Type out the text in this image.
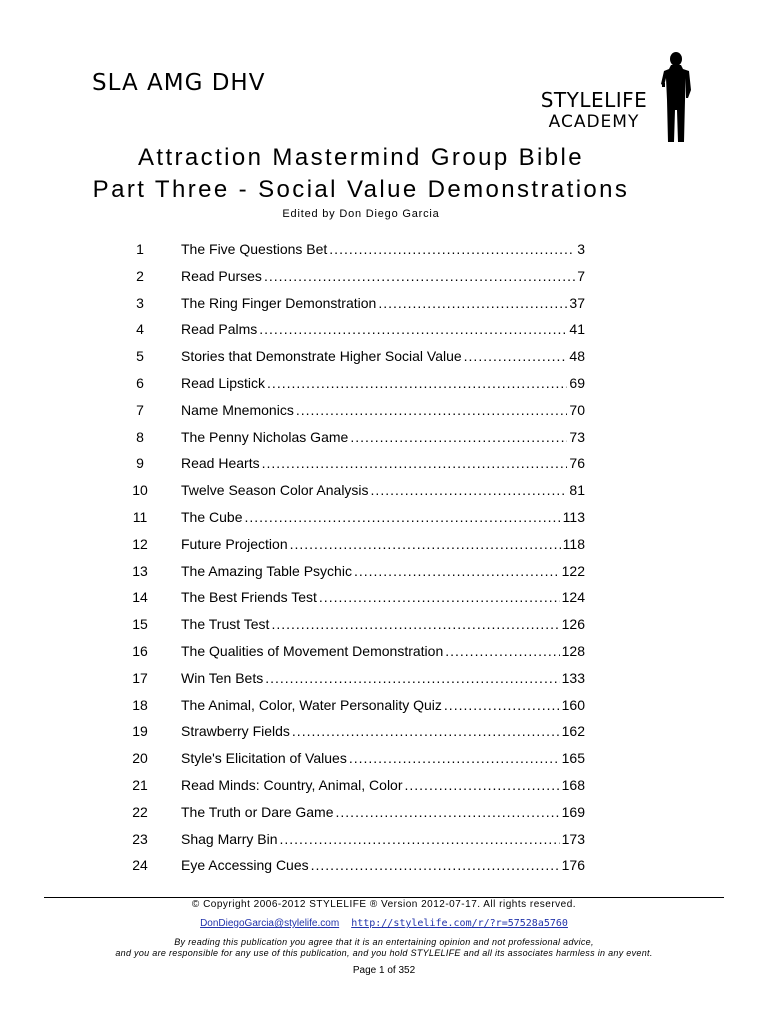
SLA AMG DHV
STYLELIFE
ACADEMY
Attraction Mastermind Group Bible
Part Three - Social Value Demonstrations
Edited by Don Diego Garcia
1	The Five Questions Bet .....	3
2	Read Purses .....	7
3	The Ring Finger Demonstration .....	37
4	Read Palms .....	41
5	Stories that Demonstrate Higher Social Value .....	48
6	Read Lipstick .....	69
7	Name Mnemonics .....	70
8	The Penny Nicholas Game .....	73
9	Read Hearts .....	76
10	Twelve Season Color Analysis .....	81
11	The Cube .....	113
12	Future Projection .....	118
13	The Amazing Table Psychic .....	122
14	The Best Friends Test .....	124
15	The Trust Test .....	126
16	The Qualities of Movement Demonstration .....	128
17	Win Ten Bets .....	133
18	The Animal, Color, Water Personality Quiz .....	160
19	Strawberry Fields .....	162
20	Style's Elicitation of Values .....	165
21	Read Minds: Country, Animal, Color .....	168
22	The Truth or Dare Game .....	169
23	Shag Marry Bin .....	173
24	Eye Accessing Cues .....	176
© Copyright 2006-2012 STYLELIFE ® Version 2012-07-17. All rights reserved.
DonDiegoGarcia@stylelife.com http://stylelife.com/r/?r=57528a5760
By reading this publication you agree that it is an entertaining opinion and not professional advice,
and you are responsible for any use of this publication, and you hold STYLELIFE and all its associates harmless in any event.
Page 1 of 352
